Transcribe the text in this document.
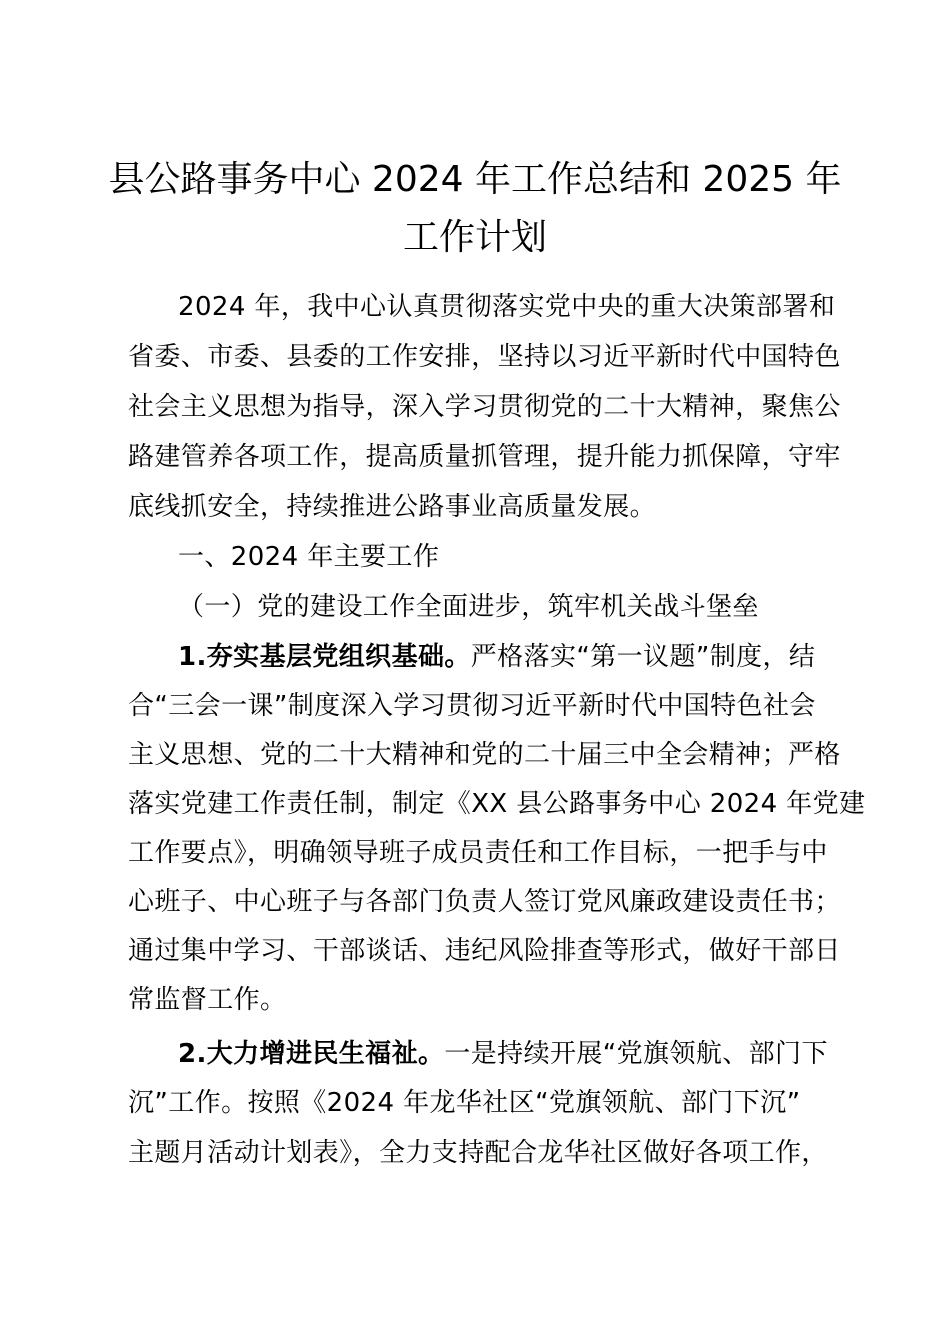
县公路事务中心 2024 年工作总结和 2025 年
工作计划
2024 年，我中心认真贯彻落实党中央的重大决策部署和
省委、市委、县委的工作安排，坚持以习近平新时代中国特色
社会主义思想为指导，深入学习贯彻党的二十大精神，聚焦公
路建管养各项工作，提高质量抓管理，提升能力抓保障，守牢
底线抓安全，持续推进公路事业高质量发展。
一、2024 年主要工作
（一）党的建设工作全面进步，筑牢机关战斗堡垒
1.夯实基层党组织基础。严格落实“第一议题”制度，结
合“三会一课”制度深入学习贯彻习近平新时代中国特色社会
主义思想、党的二十大精神和党的二十届三中全会精神；严格
落实党建工作责任制，制定《XX 县公路事务中心 2024 年党建
工作要点》，明确领导班子成员责任和工作目标，一把手与中
心班子、中心班子与各部门负责人签订党风廉政建设责任书；
通过集中学习、干部谈话、违纪风险排查等形式，做好干部日
常监督工作。
2.大力增进民生福祉。一是持续开展“党旗领航、部门下
沉”工作。按照《2024 年龙华社区“党旗领航、部门下沉”
主题月活动计划表》，全力支持配合龙华社区做好各项工作，
